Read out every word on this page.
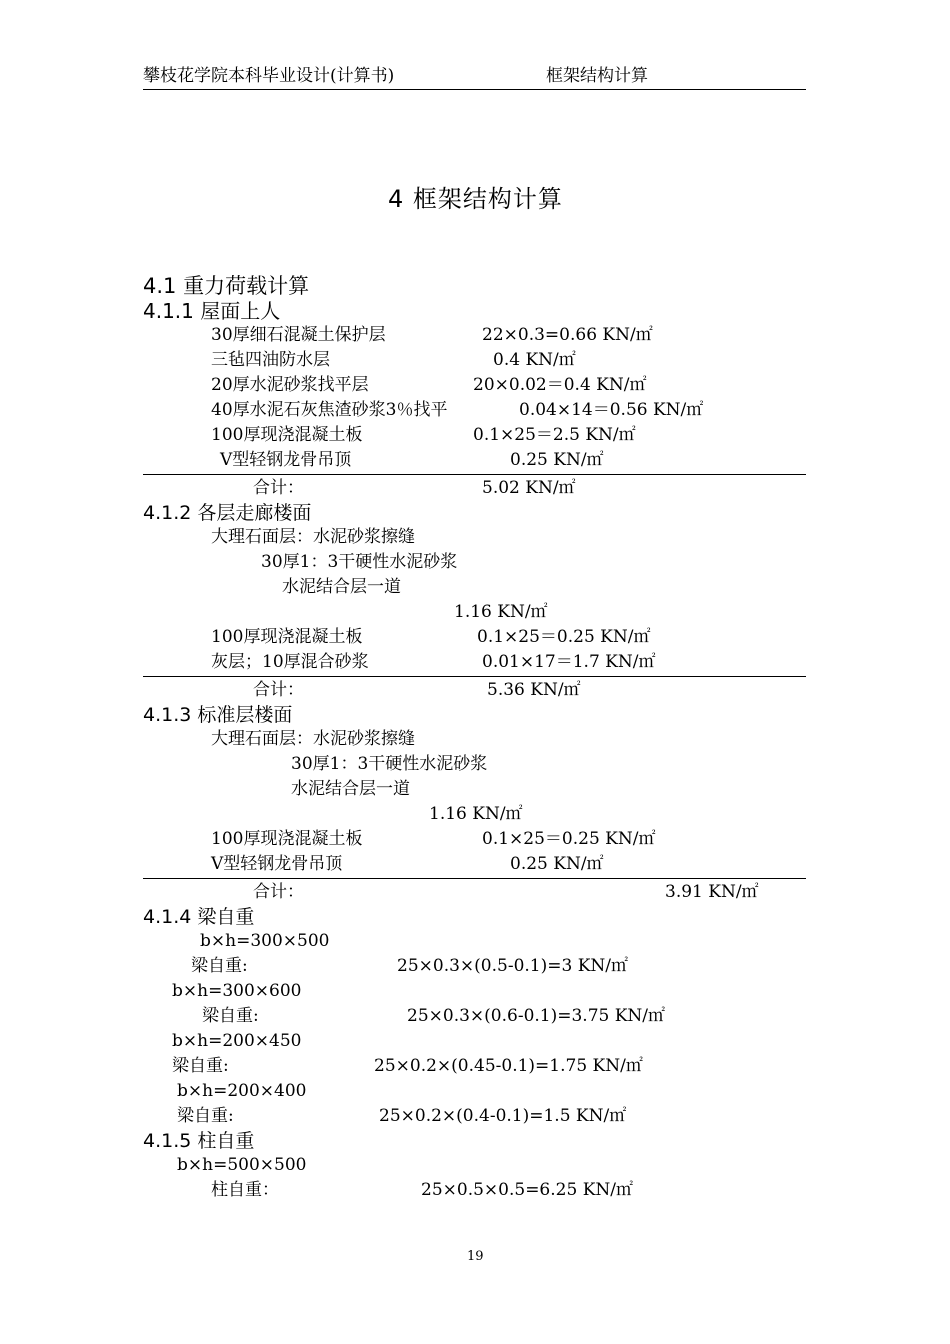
攀枝花学院本科毕业设计(计算书)	框架结构计算
4 框架结构计算
4.1 重力荷载计算
4.1.1 屋面上人
30厚细石混凝土保护层	22×0.3=0.66 KN/㎡
三毡四油防水层	0.4 KN/㎡
20厚水泥砂浆找平层	20×0.02＝0.4 KN/㎡
40厚水泥石灰焦渣砂浆3％找平	0.04×14＝0.56 KN/㎡
100厚现浇混凝土板	0.1×25＝2.5 KN/㎡
V型轻钢龙骨吊顶	0.25 KN/㎡
合计：	5.02 KN/㎡
4.1.2 各层走廊楼面
大理石面层：水泥砂浆擦缝
30厚1：3干硬性水泥砂浆
水泥结合层一道
1.16 KN/㎡
100厚现浇混凝土板	0.1×25＝0.25 KN/㎡
灰层；10厚混合砂浆	0.01×17＝1.7 KN/㎡
合计：	5.36 KN/㎡
4.1.3 标准层楼面
大理石面层：水泥砂浆擦缝
30厚1：3干硬性水泥砂浆
水泥结合层一道
1.16 KN/㎡
100厚现浇混凝土板	0.1×25＝0.25 KN/㎡
V型轻钢龙骨吊顶	0.25 KN/㎡
合计：	3.91 KN/㎡
4.1.4 梁自重
b×h=300×500
梁自重:	25×0.3×(0.5-0.1)=3 KN/㎡
b×h=300×600
梁自重:	25×0.3×(0.6-0.1)=3.75 KN/㎡
b×h=200×450
梁自重:	25×0.2×(0.45-0.1)=1.75 KN/㎡
b×h=200×400
梁自重:	25×0.2×(0.4-0.1)=1.5 KN/㎡
4.1.5 柱自重
b×h=500×500
柱自重：	25×0.5×0.5=6.25 KN/㎡
19
